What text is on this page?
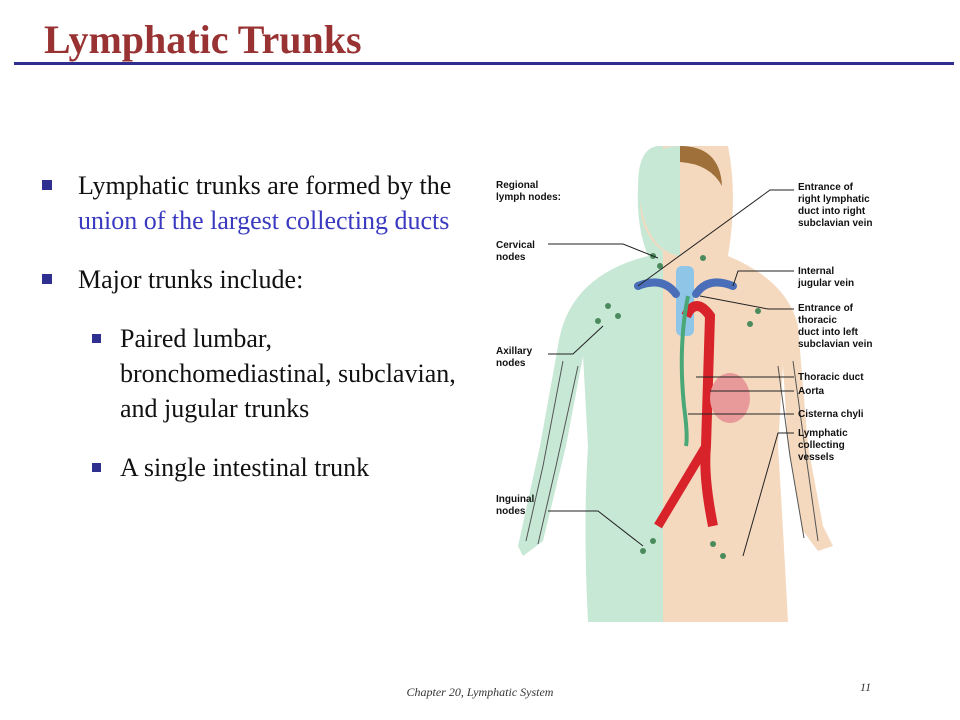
Lymphatic Trunks
Lymphatic trunks are formed by the union of the largest collecting ducts
Major trunks include:
Paired lumbar, bronchomediastinal, subclavian, and jugular trunks
A single intestinal trunk
Regional
lymph nodes:
Cervical
nodes
Axillary
nodes
Inguinal
nodes
Entrance of
right lymphatic
duct into right
subclavian vein
Internal
jugular vein
Entrance of
thoracic
duct into left
subclavian vein
Thoracic duct
Aorta
Cisterna chyli
Lymphatic
collecting
vessels
Chapter 20, Lymphatic System	11
